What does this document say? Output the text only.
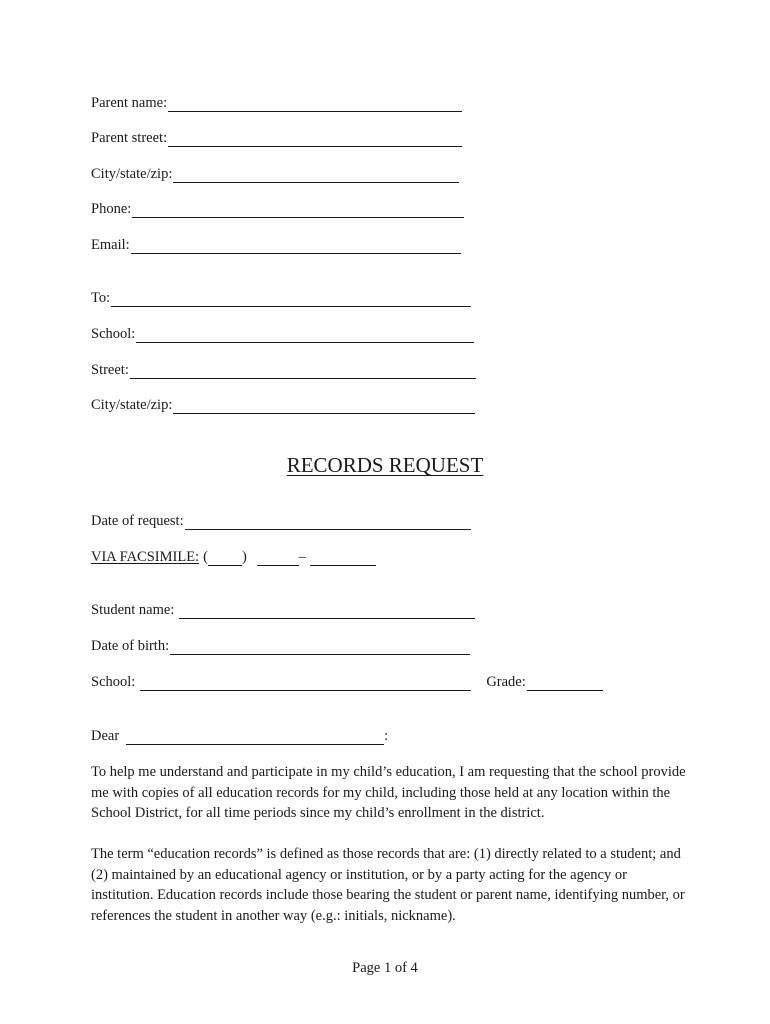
Parent name:
Parent street:
City/state/zip:
Phone:
Email:
To:
School:
Street:
City/state/zip:
RECORDS REQUEST
Date of request:
VIA FACSIMILE: ( )	–
Student name:
Date of birth:
School:	Grade:
Dear	:

To help me understand and participate in my child’s education, I am requesting that the school provide me with copies of all education records for my child, including those held at any location within the School District, for all time periods since my child’s enrollment in the district.

The term “education records” is defined as those records that are: (1) directly related to a student; and (2) maintained by an educational agency or institution, or by a party acting for the agency or institution. Education records include those bearing the student or parent name, identifying number, or references the student in another way (e.g.: initials, nickname).

Page 1 of 4
